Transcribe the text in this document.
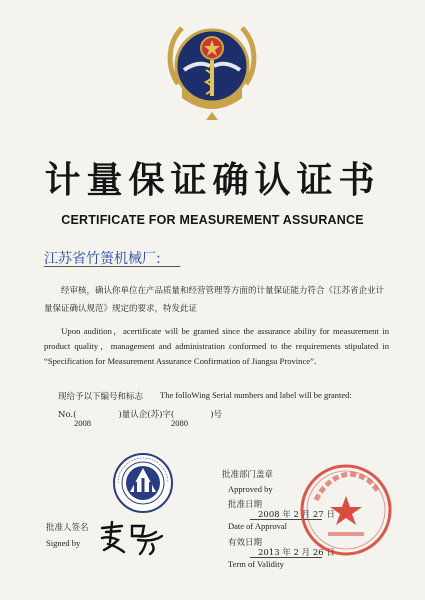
计量保证确认证书
CERTIFICATE FOR MEASUREMENT ASSURANCE
江苏省竹箦机械厂:
经审核，确认你单位在产品质量和经营管理等方面的计量保证能力符合《江苏省企业计量保证确认规范》规定的要求，特发此证
Upon audition，acertificate will be granted since the assurance ability for measurement in product quality，management and administration conformed to the requirements stipulated in “Specification for Measurement Assurance Confirmation of Jiangsu Province”．
现给予以下编号和标志 The folloWing Serial numbers and label will be granted:
No.(	)量认企(苏)字(	)号
2008	2080
批准部门盖章
Approved by
批准日期
2008 年 2 月 27 日
Date of Approval
有效日期
2013 年 2 月 26 日
Term of Validity
批准人签名
Signed by
